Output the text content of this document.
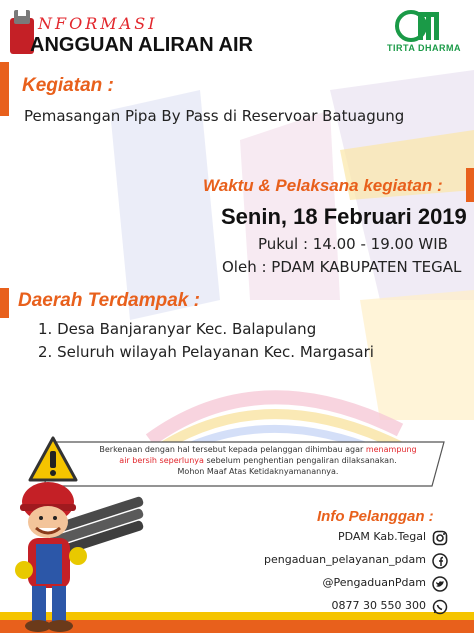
NFORMASI
ANGGUAN ALIRAN AIR	TIRTA DHARMA
Kegiatan :
Pemasangan Pipa By Pass di Reservoar Batuagung
Waktu & Pelaksana kegiatan :
Senin, 18 Februari 2019
Pukul : 14.00 - 19.00 WIB
Oleh : PDAM KABUPATEN TEGAL
Daerah Terdampak :
1. Desa Banjaranyar Kec. Balapulang
2. Seluruh wilayah Pelayanan Kec. Margasari
Berkenaan dengan hal tersebut kepada pelanggan dihimbau agar menampung
air bersih seperlunya sebelum penghentian pengaliran dilaksanakan.
Mohon Maaf Atas Ketidaknyamanannya.
Info Pelanggan :
PDAM Kab.Tegal
pengaduan_pelayanan_pdam
@PengaduanPdam
0877 30 550 300
